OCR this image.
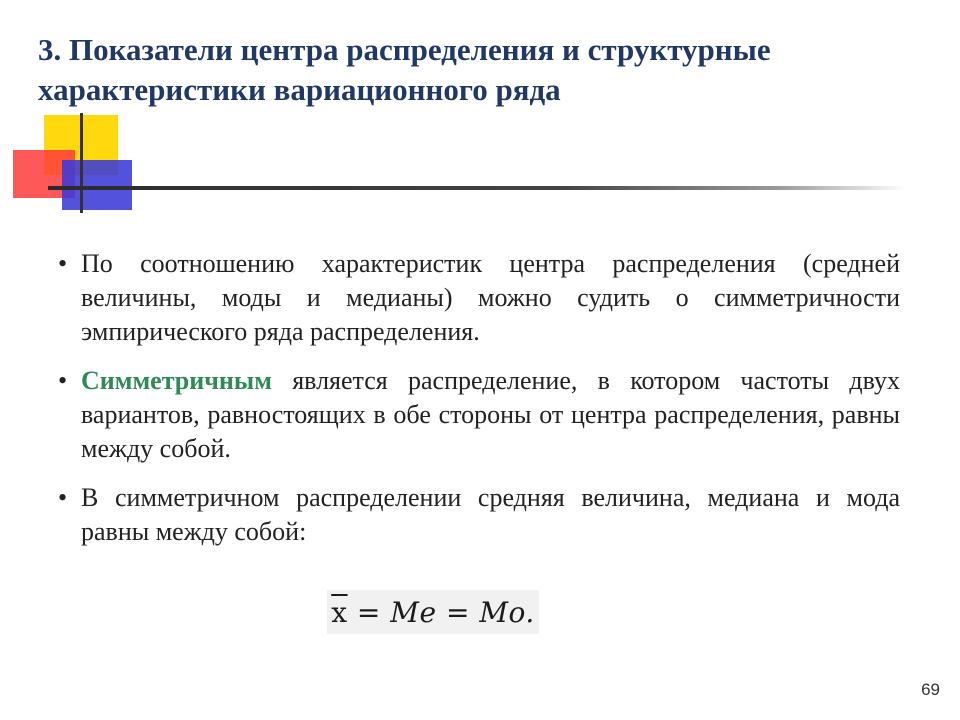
3. Показатели центра распределения и структурные характеристики вариационного ряда
• По соотношению характеристик центра распределения (средней величины, моды и медианы) можно судить о симметричности эмпирического ряда распределения.
• Симметричным является распределение, в котором частоты двух вариантов, равностоящих в обе стороны от центра распределения, равны между собой.
• В симметричном распределении средняя величина, медиана и мода равны между собой:
$\overline{x} = Me = Mo$.
69
